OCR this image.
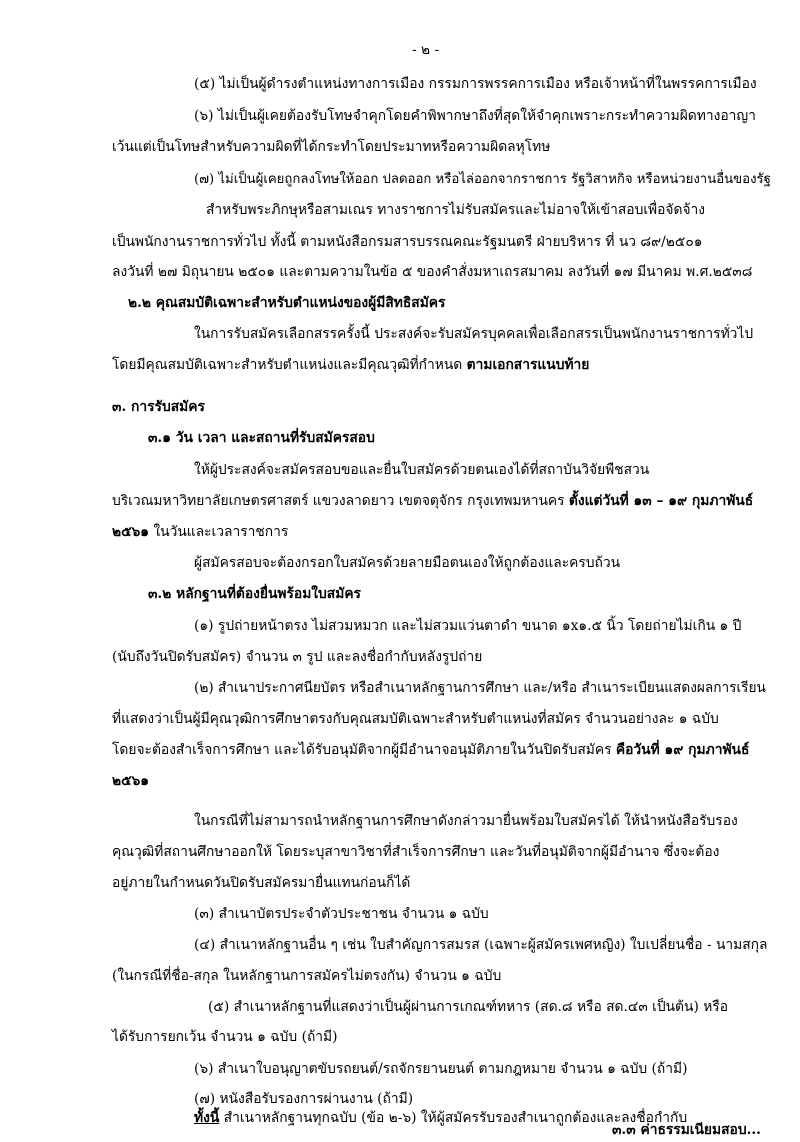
- ๒ -
(๕) ไม่เป็นผู้ดำรงตำแหน่งทางการเมือง กรรมการพรรคการเมือง หรือเจ้าหน้าที่ในพรรคการเมือง
(๖) ไม่เป็นผู้เคยต้องรับโทษจำคุกโดยคำพิพากษาถึงที่สุดให้จำคุกเพราะกระทำความผิดทางอาญา
เว้นแต่เป็นโทษสำหรับความผิดที่ได้กระทำโดยประมาทหรือความผิดลหุโทษ
(๗) ไม่เป็นผู้เคยถูกลงโทษให้ออก ปลดออก หรือไล่ออกจากราชการ รัฐวิสาหกิจ หรือหน่วยงานอื่นของรัฐ
สำหรับพระภิกษุหรือสามเณร ทางราชการไม่รับสมัครและไม่อาจให้เข้าสอบเพื่อจัดจ้าง
เป็นพนักงานราชการทั่วไป ทั้งนี้ ตามหนังสือกรมสารบรรณคณะรัฐมนตรี ฝ่ายบริหาร ที่ นว ๘๙/๒๕๐๑
ลงวันที่ ๒๗ มิถุนายน ๒๕๐๑ และตามความในข้อ ๕ ของคำสั่งมหาเถรสมาคม ลงวันที่ ๑๗ มีนาคม พ.ศ.๒๕๓๘
๒.๒ คุณสมบัติเฉพาะสำหรับตำแหน่งของผู้มีสิทธิสมัคร
ในการรับสมัครเลือกสรรครั้งนี้ ประสงค์จะรับสมัครบุคคลเพื่อเลือกสรรเป็นพนักงานราชการทั่วไป
โดยมีคุณสมบัติเฉพาะสำหรับตำแหน่งและมีคุณวุฒิที่กำหนด ตามเอกสารแนบท้าย
๓. การรับสมัคร
๓.๑ วัน เวลา และสถานที่รับสมัครสอบ
ให้ผู้ประสงค์จะสมัครสอบขอและยื่นใบสมัครด้วยตนเองได้ที่สถาบันวิจัยพืชสวน
บริเวณมหาวิทยาลัยเกษตรศาสตร์ แขวงลาดยาว เขตจตุจักร กรุงเทพมหานคร ตั้งแต่วันที่ ๑๓ – ๑๙ กุมภาพันธ์
๒๕๖๑ ในวันและเวลาราชการ
ผู้สมัครสอบจะต้องกรอกใบสมัครด้วยลายมือตนเองให้ถูกต้องและครบถ้วน
๓.๒ หลักฐานที่ต้องยื่นพร้อมใบสมัคร
(๑) รูปถ่ายหน้าตรง ไม่สวมหมวก และไม่สวมแว่นตาดำ ขนาด ๑x๑.๕ นิ้ว โดยถ่ายไม่เกิน ๑ ปี
(นับถึงวันปิดรับสมัคร) จำนวน ๓ รูป และลงชื่อกำกับหลังรูปถ่าย
(๒) สำเนาประกาศนียบัตร หรือสำเนาหลักฐานการศึกษา และ/หรือ สำเนาระเบียนแสดงผลการเรียน
ที่แสดงว่าเป็นผู้มีคุณวุฒิการศึกษาตรงกับคุณสมบัติเฉพาะสำหรับตำแหน่งที่สมัคร จำนวนอย่างละ ๑ ฉบับ
โดยจะต้องสำเร็จการศึกษา และได้รับอนุมัติจากผู้มีอำนาจอนุมัติภายในวันปิดรับสมัคร คือวันที่ ๑๙ กุมภาพันธ์
๒๕๖๑
ในกรณีที่ไม่สามารถนำหลักฐานการศึกษาดังกล่าวมายื่นพร้อมใบสมัครได้ ให้นำหนังสือรับรอง
คุณวุฒิที่สถานศึกษาออกให้ โดยระบุสาขาวิชาที่สำเร็จการศึกษา และวันที่อนุมัติจากผู้มีอำนาจ ซึ่งจะต้อง
อยู่ภายในกำหนดวันปิดรับสมัครมายื่นแทนก่อนก็ได้
(๓) สำเนาบัตรประจำตัวประชาชน จำนวน ๑ ฉบับ
(๔) สำเนาหลักฐานอื่น ๆ เช่น ใบสำคัญการสมรส (เฉพาะผู้สมัครเพศหญิง) ใบเปลี่ยนชื่อ - นามสกุล
(ในกรณีที่ชื่อ-สกุล ในหลักฐานการสมัครไม่ตรงกัน) จำนวน ๑ ฉบับ
(๕) สำเนาหลักฐานที่แสดงว่าเป็นผู้ผ่านการเกณฑ์ทหาร (สด.๘ หรือ สด.๔๓ เป็นต้น) หรือ
ได้รับการยกเว้น จำนวน ๑ ฉบับ (ถ้ามี)
(๖) สำเนาใบอนุญาตขับรถยนต์/รถจักรยานยนต์ ตามกฎหมาย จำนวน ๑ ฉบับ (ถ้ามี)
(๗) หนังสือรับรองการผ่านงาน (ถ้ามี)
ทั้งนี้ สำเนาหลักฐานทุกฉบับ (ข้อ ๒-๖) ให้ผู้สมัครรับรองสำเนาถูกต้องและลงชื่อกำกับ
๓.๓ ค่าธรรมเนียมสอบ...
